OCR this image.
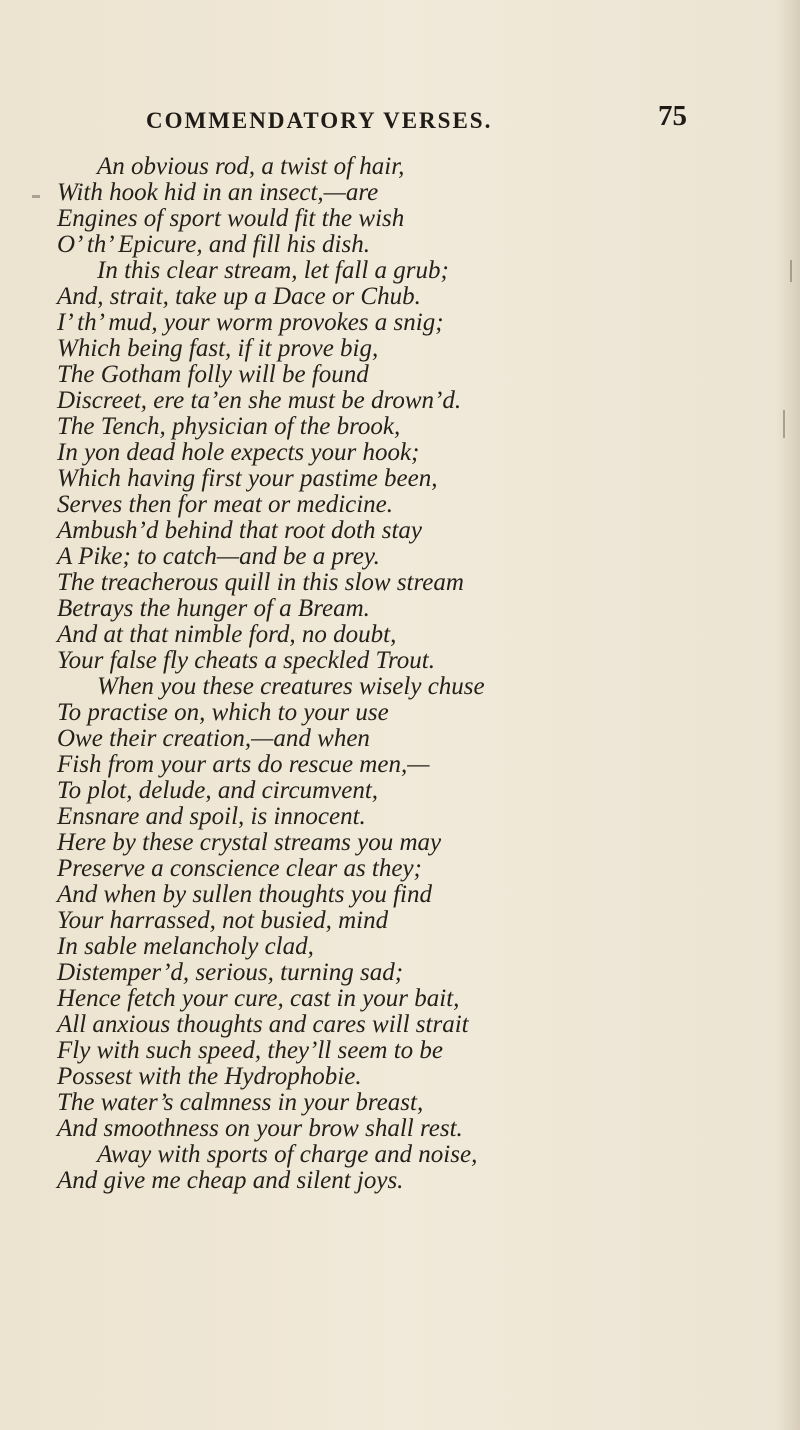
COMMENDATORY VERSES.	75
An obvious rod, a twist of hair,
With hook hid in an insect,—are
Engines of sport would fit the wish
O’ th’ Epicure, and fill his dish.
In this clear stream, let fall a grub;
And, strait, take up a Dace or Chub.
I’ th’ mud, your worm provokes a snig;
Which being fast, if it prove big,
The Gotham folly will be found
Discreet, ere ta’en she must be drown’d.
The Tench, physician of the brook,
In yon dead hole expects your hook;
Which having first your pastime been,
Serves then for meat or medicine.
Ambush’d behind that root doth stay
A Pike; to catch—and be a prey.
The treacherous quill in this slow stream
Betrays the hunger of a Bream.
And at that nimble ford, no doubt,
Your false fly cheats a speckled Trout.
When you these creatures wisely chuse
To practise on, which to your use
Owe their creation,—and when
Fish from your arts do rescue men,—
To plot, delude, and circumvent,
Ensnare and spoil, is innocent.
Here by these crystal streams you may
Preserve a conscience clear as they;
And when by sullen thoughts you find
Your harrassed, not busied, mind
In sable melancholy clad,
Distemper’d, serious, turning sad;
Hence fetch your cure, cast in your bait,
All anxious thoughts and cares will strait
Fly with such speed, they’ll seem to be
Possest with the Hydrophobie.
The water’s calmness in your breast,
And smoothness on your brow shall rest.
Away with sports of charge and noise,
And give me cheap and silent joys.
